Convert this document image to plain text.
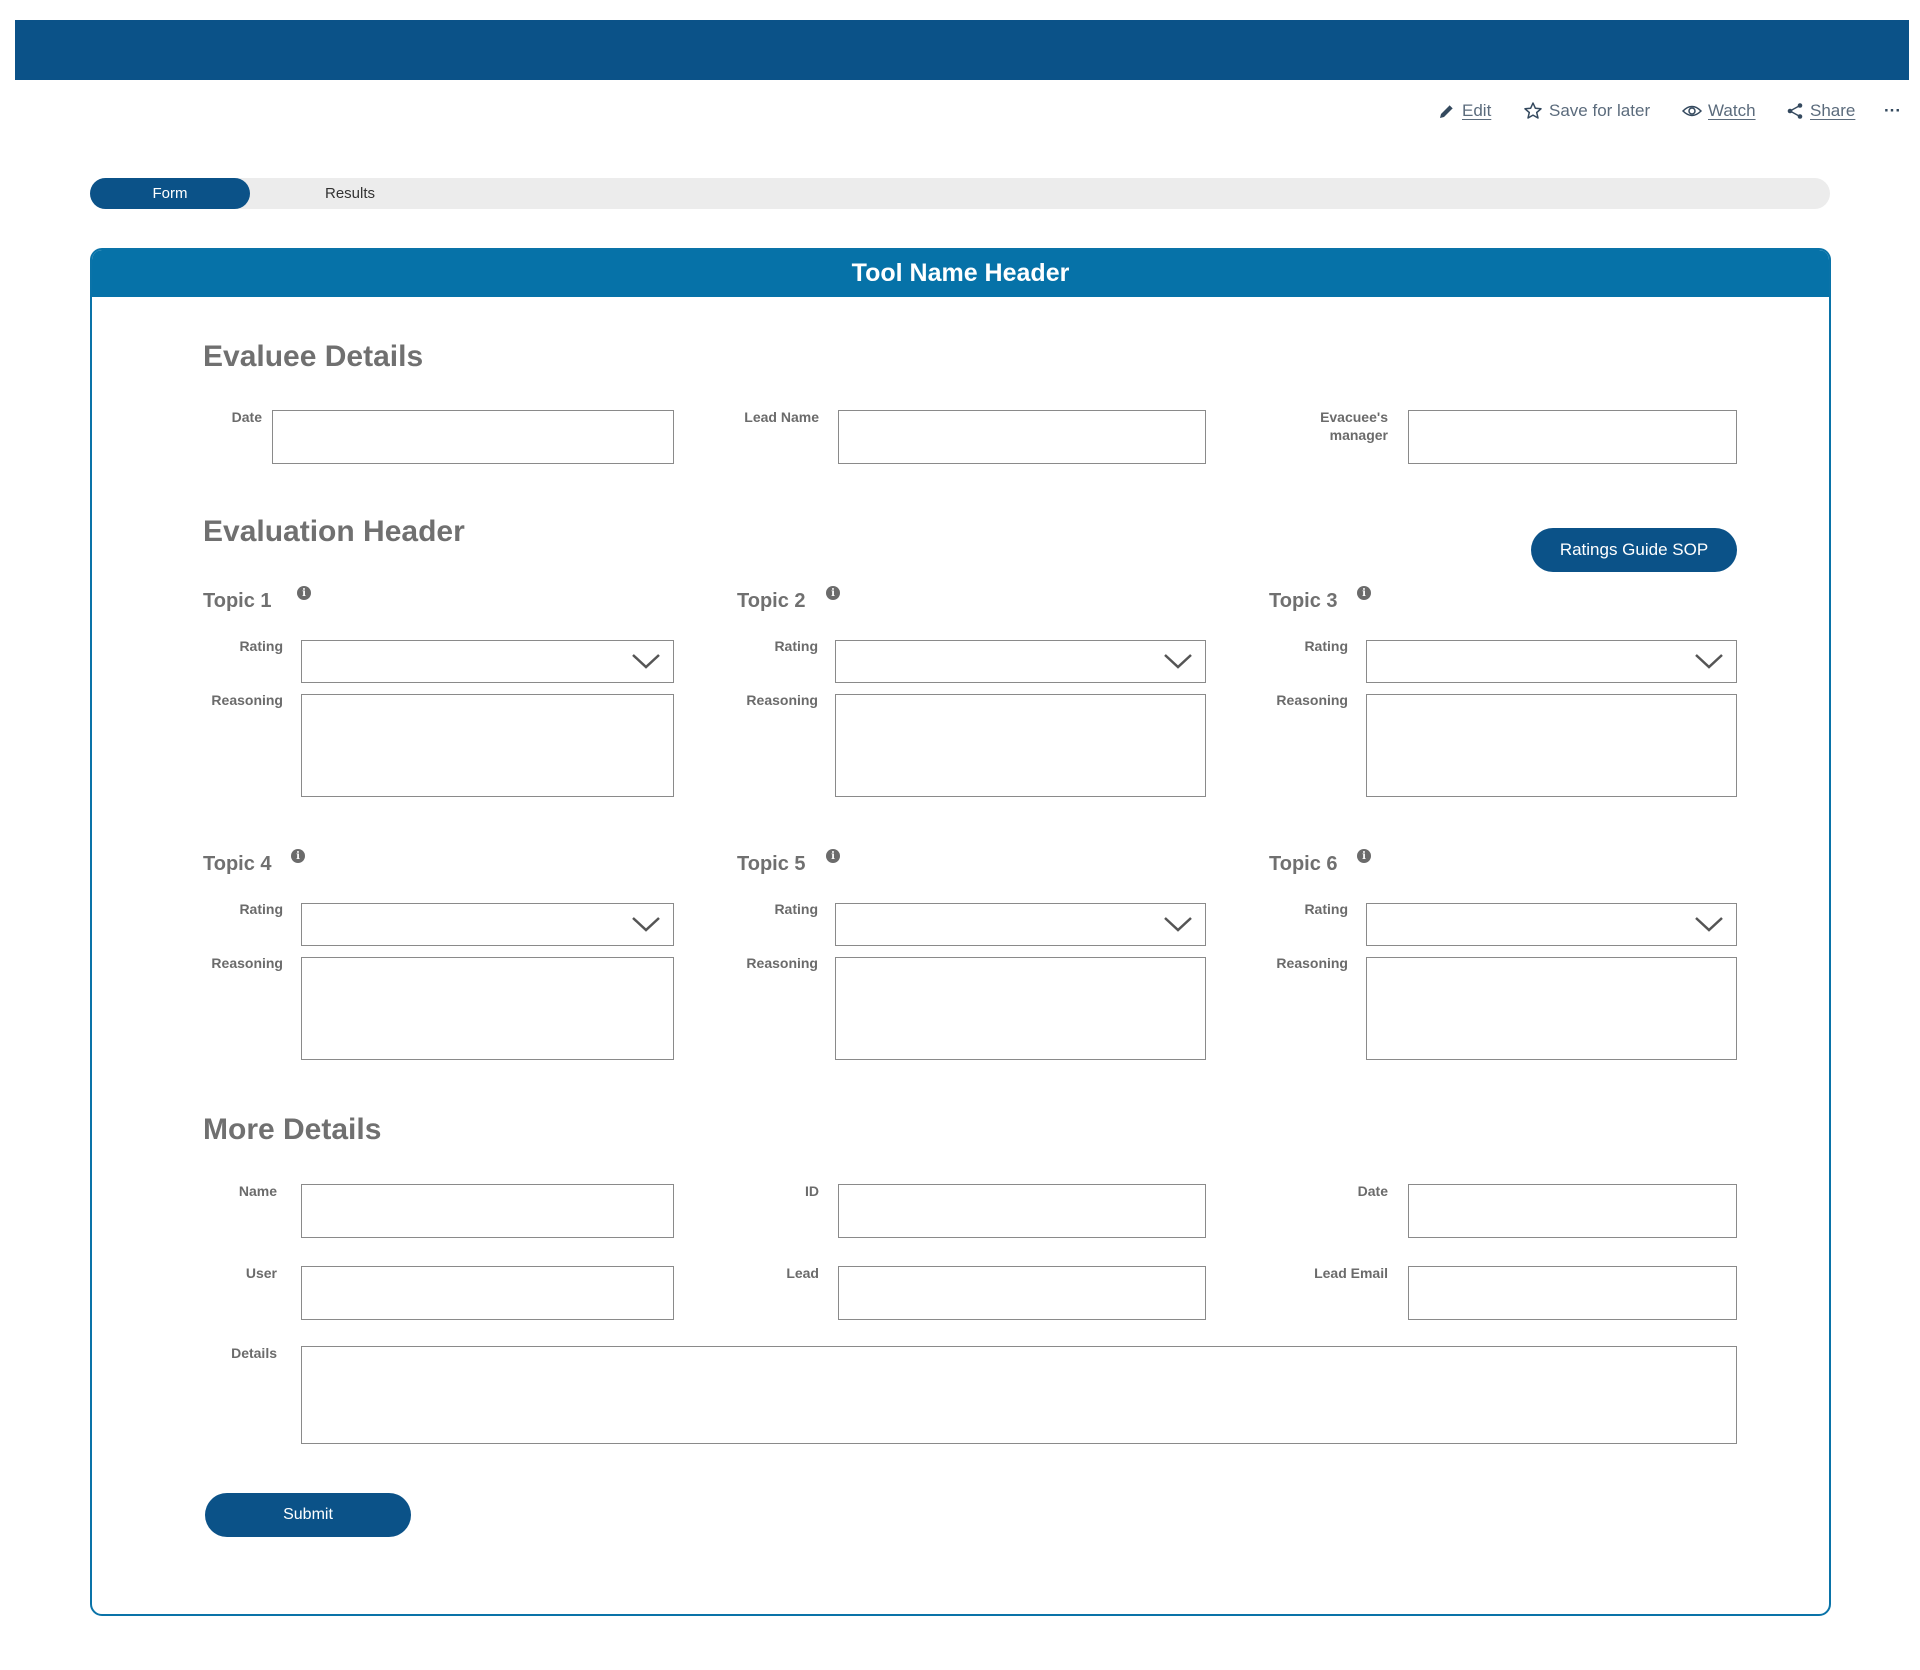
Edit	Save for later	Watch	Share ···
Form	Results
Tool Name Header
Evaluee Details
Date	Lead Name	Evacuee's manager
Evaluation Header
Ratings Guide SOP
Topic 1	i
Rating
Reasoning
Topic 2	i
Rating
Reasoning
Topic 3	i
Rating
Reasoning
Topic 4	i
Rating
Reasoning
Topic 5	i
Rating
Reasoning
Topic 6	i
Rating
Reasoning
More Details
Name	ID	Date
User	Lead	Lead Email
Details
Submit
